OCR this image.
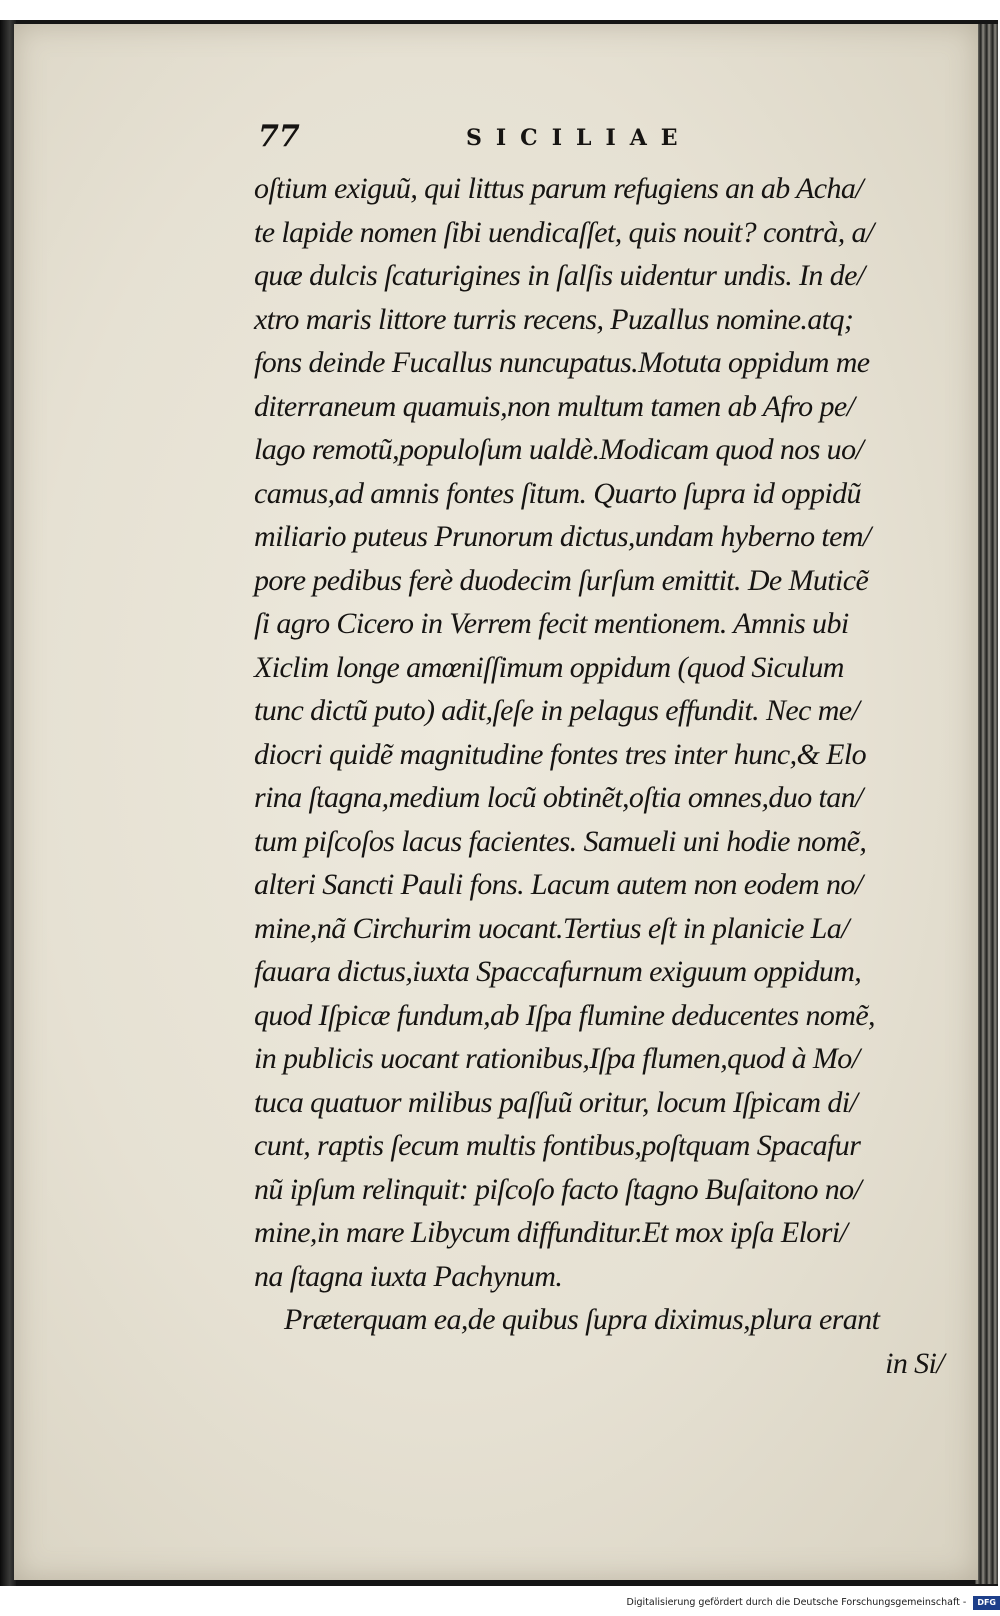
77	SICILIAE
oſtium exiguũ, qui littus parum refugiens an ab Acha/
te lapide nomen ſibi uendicaſſet, quis nouit? contrà, a/
quæ dulcis ſcaturigines in ſalſis uidentur undis. In de/
xtro maris littore turris recens, Puzallus nomine.atq;
fons deinde Fucallus nuncupatus.Motuta oppidum me
diterraneum quamuis,non multum tamen ab Afro pe/
lago remotũ,populoſum ualdè.Modicam quod nos uo/
camus,ad amnis fontes ſitum. Quarto ſupra id oppidũ
miliario puteus Prunorum dictus,undam hyberno tem/
pore pedibus ferè duodecim ſurſum emittit. De Muticẽ
ſi agro Cicero in Verrem fecit mentionem. Amnis ubi
Xiclim longe amœniſſimum oppidum (quod Siculum
tunc dictũ puto) adit,ſeſe in pelagus effundit. Nec me/
diocri quidẽ magnitudine fontes tres inter hunc,& Elo
rina ſtagna,medium locũ obtinẽt,oſtia omnes,duo tan/
tum piſcoſos lacus facientes. Samueli uni hodie nomẽ,
alteri Sancti Pauli fons. Lacum autem non eodem no/
mine,nã Circhurim uocant.Tertius eſt in planicie La/
fauara dictus,iuxta Spaccafurnum exiguum oppidum,
quod Iſpicæ fundum,ab Iſpa flumine deducentes nomẽ,
in publicis uocant rationibus,Iſpa flumen,quod à Mo/
tuca quatuor milibus paſſuũ oritur, locum Iſpicam di/
cunt, raptis ſecum multis fontibus,poſtquam Spacafur
nũ ipſum relinquit: piſcoſo facto ſtagno Buſaitono no/
mine,in mare Libycum diffunditur.Et mox ipſa Elori/
na ſtagna iuxta Pachynum.
Præterquam ea,de quibus ſupra diximus,plura erant
in Si/
Digitalisierung gefördert durch die Deutsche Forschungsgemeinschaft - DFG
